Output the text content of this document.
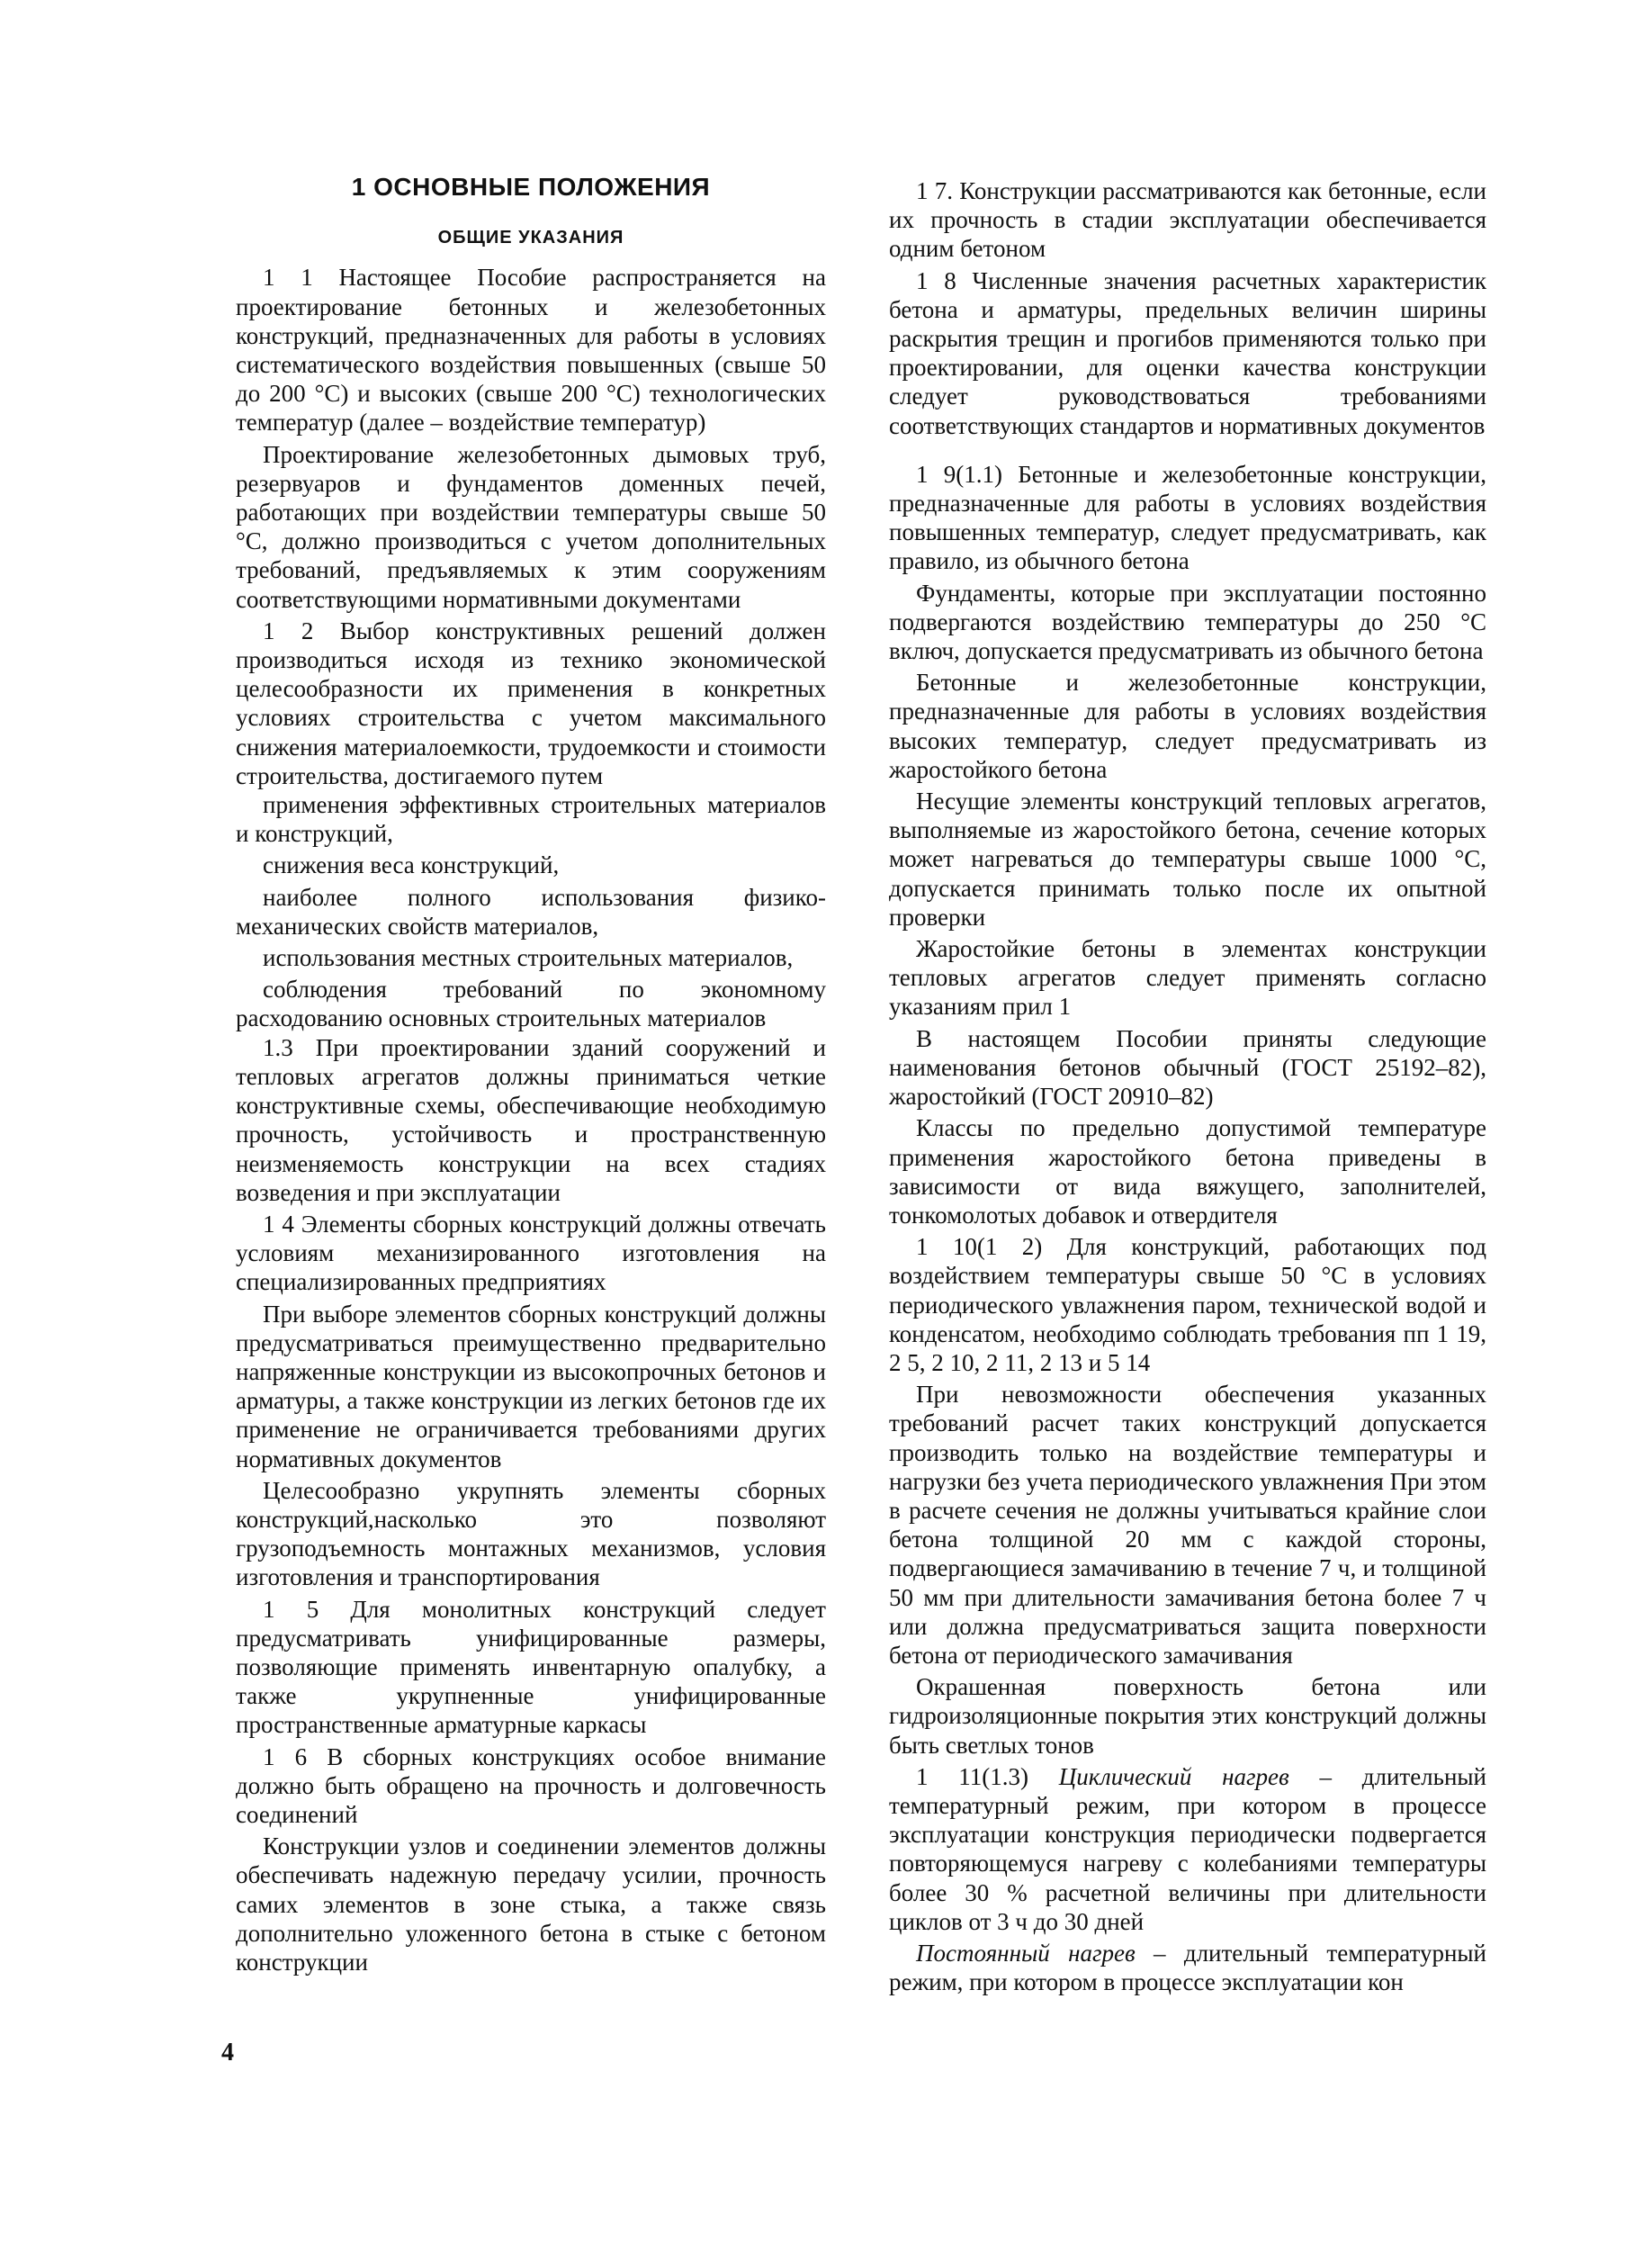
1 ОСНОВНЫЕ ПОЛОЖЕНИЯ
ОБЩИЕ УКАЗАНИЯ

1 1 Настоящее Пособие распространяется на проектирование бетонных и железобетонных конструкций, предназначенных для работы в условиях систематического воздействия повышенных (свыше 50 до 200 °С) и высоких (свыше 200 °С) технологических температур (далее – воздействие температур)

Проектирование железобетонных дымовых труб, резервуаров и фундаментов доменных печей, работающих при воздействии температуры свыше 50 °С, должно производиться с учетом дополнительных требований, предъявляемых к этим сооружениям соответствующими нормативными документами

1 2 Выбор конструктивных решений должен производиться исходя из технико экономической целесообразности их применения в конкретных условиях строительства с учетом максимального снижения материалоемкости, трудоемкости и стоимости строительства, достигаемого путем

применения эффективных строительных материалов и конструкций,

снижения веса конструкций,

наиболее полного использования физико-механических свойств материалов,

использования местных строительных материалов,

соблюдения требований по экономному расходованию основных строительных материалов

1.3 При проектировании зданий сооружений и тепловых агрегатов должны приниматься четкие конструктивные схемы, обеспечивающие необходимую прочность, устойчивость и пространственную неизменяемость конструкции на всех стадиях возведения и при эксплуатации

1 4 Элементы сборных конструкций должны отвечать условиям механизированного изготовления на специализированных предприятиях

При выборе элементов сборных конструкций должны предусматриваться преимущественно предварительно напряженные конструкции из высокопрочных бетонов и арматуры, а также конструкции из легких бетонов где их применение не ограничивается требованиями других нормативных документов

Целесообразно укрупнять элементы сборных конструкций,насколько это позволяют грузоподъемность монтажных механизмов, условия изготовления и транспортирования

1 5 Для монолитных конструкций следует предусматривать унифицированные размеры, позволяющие применять инвентарную опалубку, а также укрупненные унифицированные пространственные арматурные каркасы

1 6 В сборных конструкциях особое внимание должно быть обращено на прочность и долговечность соединений

Конструкции узлов и соединении элементов должны обеспечивать надежную передачу усилии, прочность самих элементов в зоне стыка, а также связь дополнительно уложенного бетона в стыке с бетоном конструкции

1 7. Конструкции рассматриваются как бетонные, если их прочность в стадии эксплуатации обеспечивается одним бетоном

1 8 Численные значения расчетных характеристик бетона и арматуры, предельных величин ширины раскрытия трещин и прогибов применяются только при проектировании, для оценки качества конструкции следует руководствоваться требованиями соответствующих стандартов и нормативных документов

1 9(1.1) Бетонные и железобетонные конструкции, предназначенные для работы в условиях воздействия повышенных температур, следует предусматривать, как правило, из обычного бетона

Фундаменты, которые при эксплуатации постоянно подвергаются воздействию температуры до 250 °С включ, допускается предусматривать из обычного бетона

Бетонные и железобетонные конструкции, предназначенные для работы в условиях воздействия высоких температур, следует предусматривать из жаростойкого бетона

Несущие элементы конструкций тепловых агрегатов, выполняемые из жаростойкого бетона, сечение которых может нагреваться до температуры свыше 1000 °С, допускается принимать только после их опытной проверки

Жаростойкие бетоны в элементах конструкции тепловых агрегатов следует применять согласно указаниям прил 1

В настоящем Пособии приняты следующие наименования бетонов обычный (ГОСТ 25192–82), жаростойкий (ГОСТ 20910–82)

Классы по предельно допустимой температуре применения жаростойкого бетона приведены в зависимости от вида вяжущего, заполнителей, тонкомолотых добавок и отвердителя

1 10(1 2) Для конструкций, работающих под воздействием температуры свыше 50 °С в условиях периодического увлажнения паром, технической водой и конденсатом, необходимо соблюдать требования пп 1 19, 2 5, 2 10, 2 11, 2 13 и 5 14

При невозможности обеспечения указанных требований расчет таких конструкций допускается производить только на воздействие температуры и нагрузки без учета периодического увлажнения При этом в расчете сечения не должны учитываться крайние слои бетона толщиной 20 мм с каждой стороны, подвергающиеся замачиванию в течение 7 ч, и толщиной 50 мм при длительности замачивания бетона более 7 ч или должна предусматриваться защита поверхности бетона от периодического замачивания

Окрашенная поверхность бетона или гидроизоляционные покрытия этих конструкций должны быть светлых тонов

1 11(1.3) Циклический нагрев – длительный температурный режим, при котором в процессе эксплуатации конструкция периодически подвергается повторяющемуся нагреву с колебаниями температуры более 30 % расчетной величины при длительности циклов от 3 ч до 30 дней

Постоянный нагрев – длительный температурный режим, при котором в процессе эксплуатации кон

4
